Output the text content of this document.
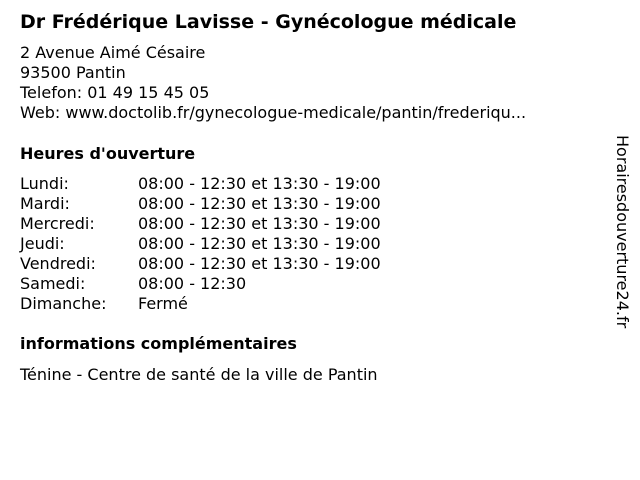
Dr Frédérique Lavisse - Gynécologue médicale
2 Avenue Aimé Césaire
93500 Pantin
Telefon: 01 49 15 45 05
Web: www.doctolib.fr/gynecologue-medicale/pantin/frederiqu...
Heures d'ouverture
Lundi:	08:00 - 12:30 et 13:30 - 19:00
Mardi:	08:00 - 12:30 et 13:30 - 19:00
Mercredi:	08:00 - 12:30 et 13:30 - 19:00
Jeudi:	08:00 - 12:30 et 13:30 - 19:00
Vendredi:	08:00 - 12:30 et 13:30 - 19:00
Samedi:	08:00 - 12:30
Dimanche: Fermé
informations complémentaires
Ténine - Centre de santé de la ville de Pantin
Horairesdouverture24.fr
